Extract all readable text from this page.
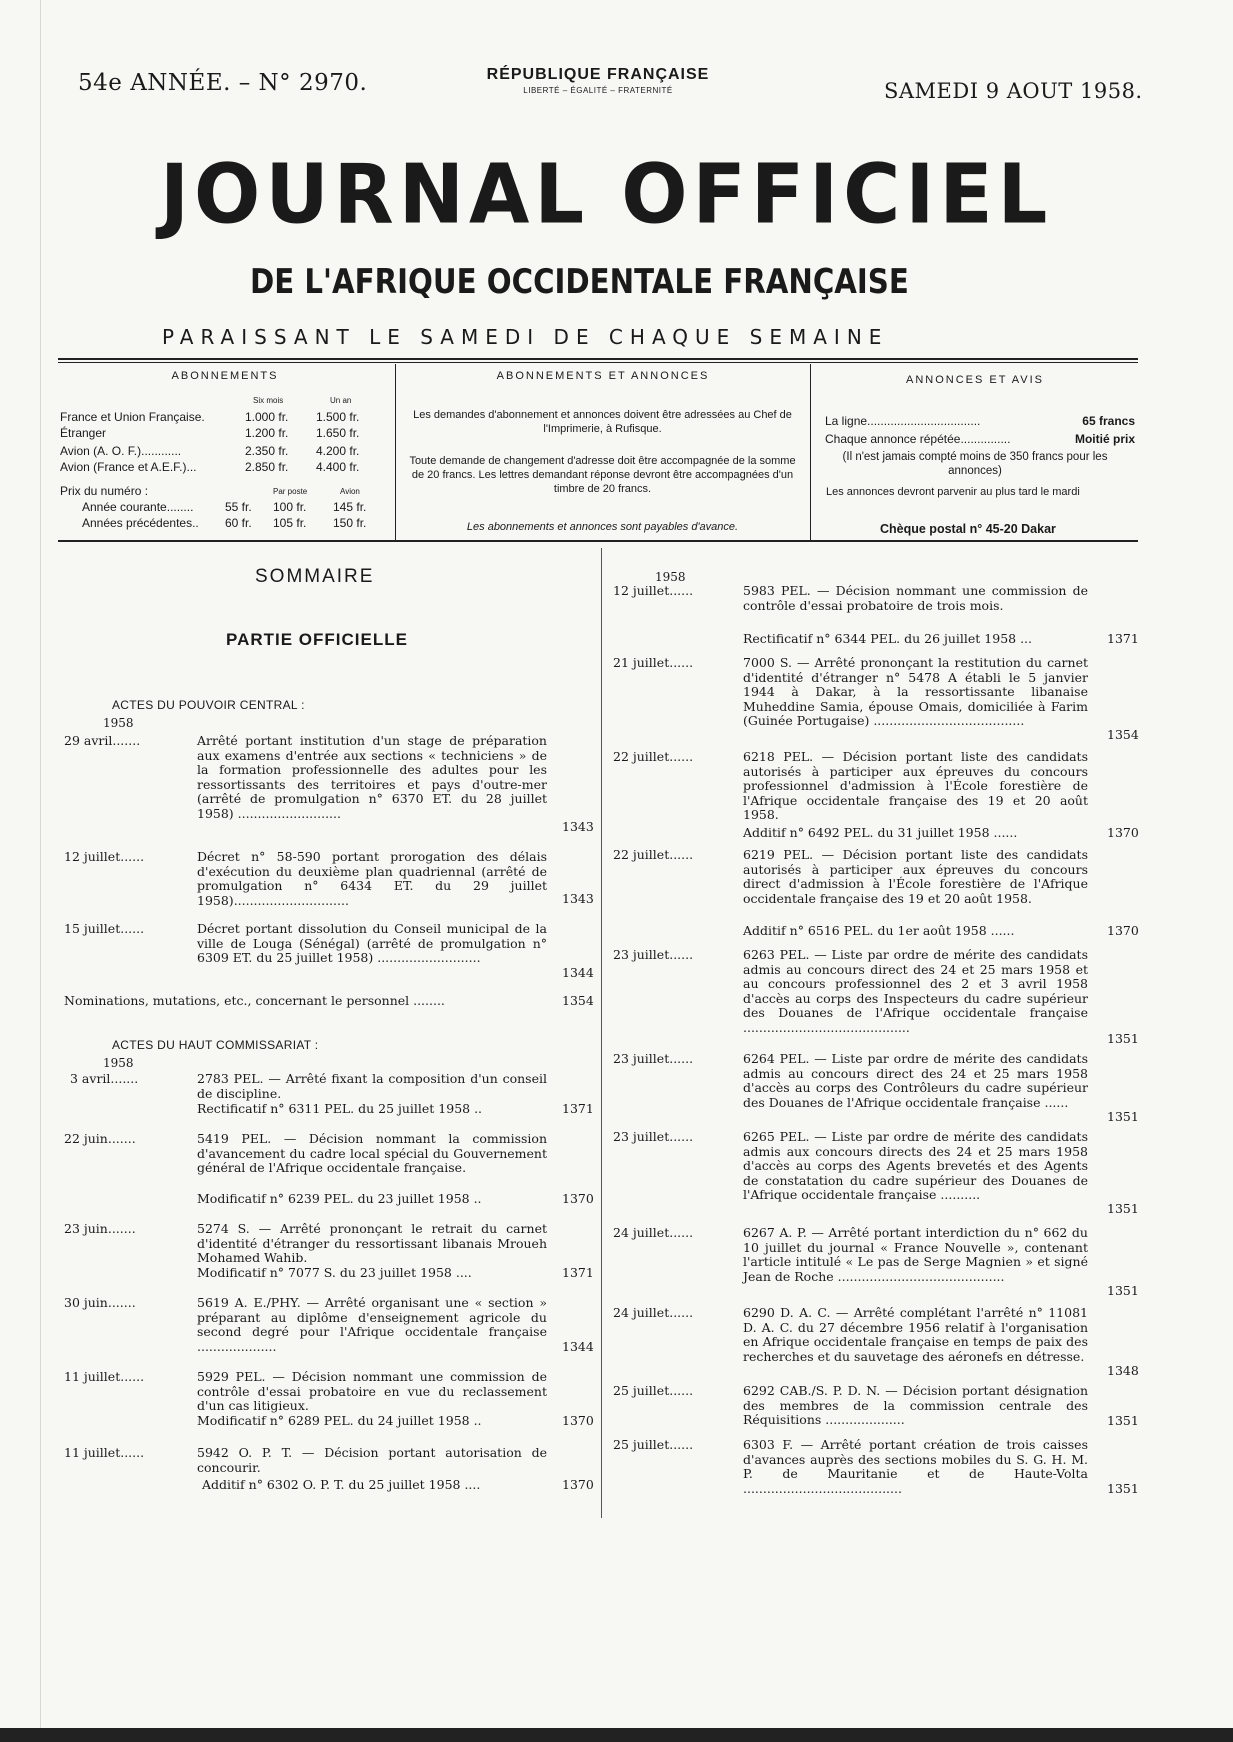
54e ANNÉE. – N° 2970.	RÉPUBLIQUE FRANÇAISE
LIBERTÉ – ÉGALITÉ – FRATERNITÉ	SAMEDI 9 AOUT 1958.
JOURNAL OFFICIEL
DE L'AFRIQUE OCCIDENTALE FRANÇAISE
PARAISSANT LE SAMEDI DE CHAQUE SEMAINE
ABONNEMENTS
Six mois	Un an
France et Union Française.	1.000 fr. 1.500 fr.
Étranger	1.200 fr. 1.650 fr.
Avion (A. O. F.)............	2.350 fr. 4.200 fr.
Avion (France et A.E.F.)...	2.850 fr. 4.400 fr.
Prix du numéro :	Par poste	Avion
Année courante........	55 fr. 100 fr. 145 fr.
Années précédentes.. 60 fr. 105 fr. 150 fr.
ABONNEMENTS ET ANNONCES
Les demandes d'abonnement et annonces doivent être adressées au Chef de l'Imprimerie, à Rufisque.
Toute demande de changement d'adresse doit être accompagnée de la somme de 20 francs. Les lettres demandant réponse devront être accompagnées d'un timbre de 20 francs.
Les abonnements et annonces sont payables d'avance.
ANNONCES ET AVIS
La ligne..................................	65 francs
Chaque annonce répétée...............	Moitié prix
(Il n'est jamais compté moins de 350 francs pour les annonces)
Les annonces devront parvenir au plus tard le mardi
Chèque postal n° 45-20 Dakar
SOMMAIRE
PARTIE OFFICIELLE
ACTES DU POUVOIR CENTRAL :
1958
29 avril.......	Arrêté portant institution d'un stage de préparation aux examens d'entrée aux sections « techniciens » de la formation professionnelle des adultes pour les ressortissants des territoires et pays d'outre-mer (arrêté de promulgation n° 6370 ET. du 28 juillet 1958) ..........................
1343
12 juillet......	Décret n° 58-590 portant prorogation des délais d'exécution du deuxième plan quadriennal (arrêté de promulgation n° 6434 ET. du 29 juillet 1958).............................	1343
15 juillet......	Décret portant dissolution du Conseil municipal de la ville de Louga (Sénégal) (arrêté de promulgation n° 6309 ET. du 25 juillet 1958) ..........................
1344
Nominations, mutations, etc., concernant le personnel ........	1354
ACTES DU HAUT COMMISSARIAT :
1958
3 avril.......	2783 PEL. — Arrêté fixant la composition d'un conseil de discipline.
Rectificatif n° 6311 PEL. du 25 juillet 1958 ..	1371
22 juin.......	5419 PEL. — Décision nommant la commission d'avancement du cadre local spécial du Gouvernement général de l'Afrique occidentale française.
Modificatif n° 6239 PEL. du 23 juillet 1958 ..	1370
23 juin.......	5274 S. — Arrêté prononçant le retrait du carnet d'identité d'étranger du ressortissant libanais Mroueh Mohamed Wahib.
Modificatif n° 7077 S. du 23 juillet 1958 ....	1371
30 juin.......	5619 A. E./PHY. — Arrêté organisant une « section » préparant au diplôme d'enseignement agricole du second degré pour l'Afrique occidentale française ....................	1344
11 juillet......	5929 PEL. — Décision nommant une commission de contrôle d'essai probatoire en vue du reclassement d'un cas litigieux.
Modificatif n° 6289 PEL. du 24 juillet 1958 ..	1370
11 juillet......	5942 O. P. T. — Décision portant autorisation de concourir.
Additif n° 6302 O. P. T. du 25 juillet 1958 ....	1370
1958
12 juillet......	5983 PEL. — Décision nommant une commission de contrôle d'essai probatoire de trois mois.
Rectificatif n° 6344 PEL. du 26 juillet 1958 ...	1371
21 juillet......	7000 S. — Arrêté prononçant la restitution du carnet d'identité d'étranger n° 5478 A établi le 5 janvier 1944 à Dakar, à la ressortissante libanaise Muheddine Samia, épouse Omais, domiciliée à Farim (Guinée Portugaise) ......................................
1354
22 juillet......	6218 PEL. — Décision portant liste des candidats autorisés à participer aux épreuves du concours professionnel d'admission à l'École forestière de l'Afrique occidentale française des 19 et 20 août 1958.
Additif n° 6492 PEL. du 31 juillet 1958 ......	1370
22 juillet......	6219 PEL. — Décision portant liste des candidats autorisés à participer aux épreuves du concours direct d'admission à l'École forestière de l'Afrique occidentale française des 19 et 20 août 1958.
Additif n° 6516 PEL. du 1er août 1958 ......	1370
23 juillet......	6263 PEL. — Liste par ordre de mérite des candidats admis au concours direct des 24 et 25 mars 1958 et au concours professionnel des 2 et 3 avril 1958 d'accès au corps des Inspecteurs du cadre supérieur des Douanes de l'Afrique occidentale française ..........................................
1351
23 juillet......	6264 PEL. — Liste par ordre de mérite des candidats admis au concours direct des 24 et 25 mars 1958 d'accès au corps des Contrôleurs du cadre supérieur des Douanes de l'Afrique occidentale française ......
1351
23 juillet......	6265 PEL. — Liste par ordre de mérite des candidats admis aux concours directs des 24 et 25 mars 1958 d'accès au corps des Agents brevetés et des Agents de constatation du cadre supérieur des Douanes de l'Afrique occidentale française ..........
1351
24 juillet......	6267 A. P. — Arrêté portant interdiction du n° 662 du 10 juillet du journal « France Nouvelle », contenant l'article intitulé « Le pas de Serge Magnien » et signé Jean de Roche ..........................................
1351
24 juillet......	6290 D. A. C. — Arrêté complétant l'arrêté n° 11081 D. A. C. du 27 décembre 1956 relatif à l'organisation en Afrique occidentale française en temps de paix des recherches et du sauvetage des aéronefs en détresse.
1348
25 juillet......	6292 CAB./S. P. D. N. — Décision portant désignation des membres de la commission centrale des Réquisitions ....................	1351
25 juillet......	6303 F. — Arrêté portant création de trois caisses d'avances auprès des sections mobiles du S. G. H. M. P. de Mauritanie et de Haute-Volta ........................................	1351
